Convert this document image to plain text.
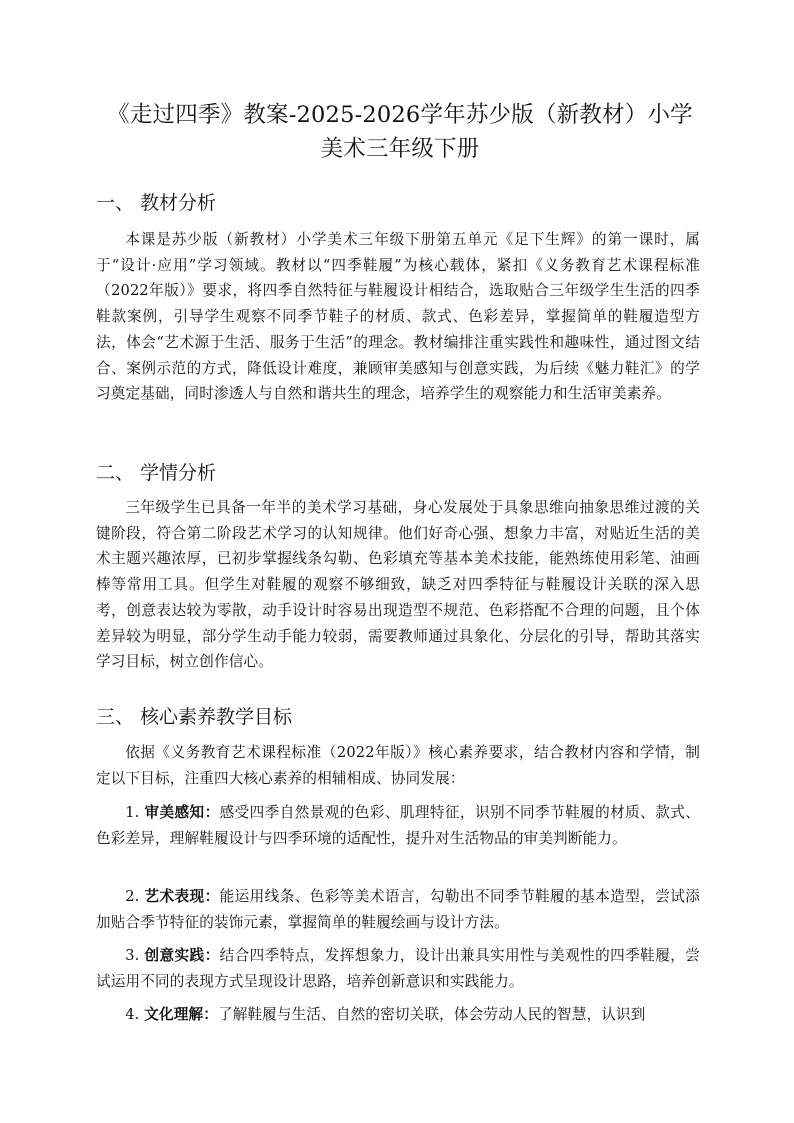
《走过四季》教案-2025-2026学年苏少版（新教材）小学
美术三年级下册
一、 教材分析

本课是苏少版（新教材）小学美术三年级下册第五单元《足下生辉》的第一课时，属于“设计·应用”学习领域。教材以“四季鞋履”为核心载体，紧扣《义务教育艺术课程标准（2022年版）》要求，将四季自然特征与鞋履设计相结合，选取贴合三年级学生生活的四季鞋款案例，引导学生观察不同季节鞋子的材质、款式、色彩差异，掌握简单的鞋履造型方法，体会“艺术源于生活、服务于生活”的理念。教材编排注重实践性和趣味性，通过图文结合、案例示范的方式，降低设计难度，兼顾审美感知与创意实践，为后续《魅力鞋汇》的学习奠定基础，同时渗透人与自然和谐共生的理念，培养学生的观察能力和生活审美素养。

二、 学情分析

三年级学生已具备一年半的美术学习基础，身心发展处于具象思维向抽象思维过渡的关键阶段，符合第二阶段艺术学习的认知规律。他们好奇心强、想象力丰富，对贴近生活的美术主题兴趣浓厚，已初步掌握线条勾勒、色彩填充等基本美术技能，能熟练使用彩笔、油画棒等常用工具。但学生对鞋履的观察不够细致，缺乏对四季特征与鞋履设计关联的深入思考，创意表达较为零散，动手设计时容易出现造型不规范、色彩搭配不合理的问题，且个体差异较为明显，部分学生动手能力较弱，需要教师通过具象化、分层化的引导，帮助其落实学习目标，树立创作信心。

三、 核心素养教学目标

依据《义务教育艺术课程标准（2022年版）》核心素养要求，结合教材内容和学情，制定以下目标，注重四大核心素养的相辅相成、协同发展：

1. 审美感知：感受四季自然景观的色彩、肌理特征，识别不同季节鞋履的材质、款式、色彩差异，理解鞋履设计与四季环境的适配性，提升对生活物品的审美判断能力。

2. 艺术表现：能运用线条、色彩等美术语言，勾勒出不同季节鞋履的基本造型，尝试添加贴合季节特征的装饰元素，掌握简单的鞋履绘画与设计方法。

3. 创意实践：结合四季特点，发挥想象力，设计出兼具实用性与美观性的四季鞋履，尝试运用不同的表现方式呈现设计思路，培养创新意识和实践能力。

4. 文化理解：了解鞋履与生活、自然的密切关联，体会劳动人民的智慧，认识到
